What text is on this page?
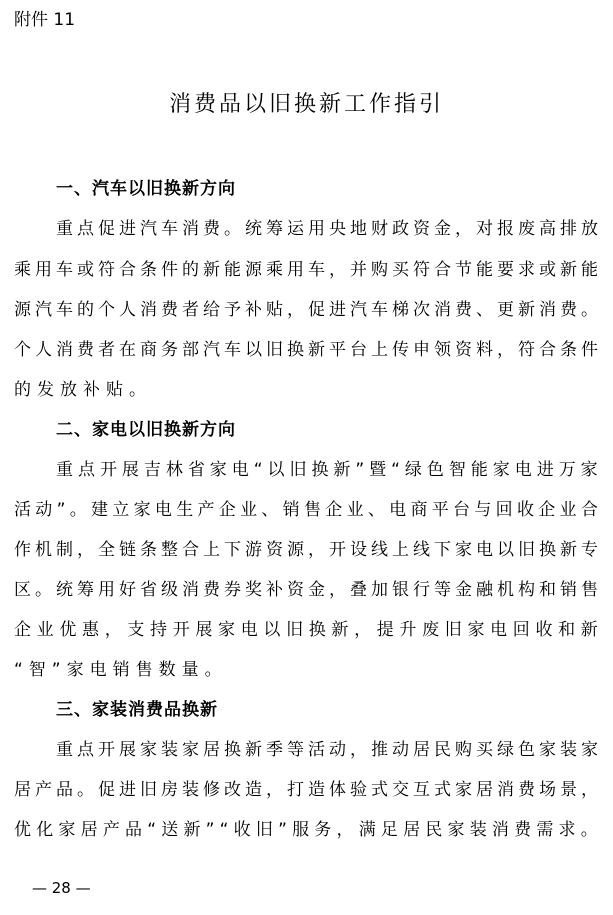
附件 11
消费品以旧换新工作指引
一、汽车以旧换新方向
重 点 促 进 汽 车 消 费 。 统 筹 运 用 央 地 财 政 资 金 ， 对 报 废 高 排 放
乘 用 车 或 符 合 条 件 的 新 能 源 乘 用 车 ， 并 购 买 符 合 节 能 要 求 或 新 能
源 汽 车 的 个 人 消 费 者 给 予 补 贴 ， 促 进 汽 车 梯 次 消 费 、 更 新 消 费 。
个 人 消 费 者 在 商 务 部 汽 车 以 旧 换 新 平 台 上 传 申 领 资 料 ， 符 合 条 件
的发放补贴。
二、家电以旧换新方向
重 点 开 展 吉 林 省 家 电 “ 以 旧 换 新 ” 暨 “ 绿 色 智 能 家 电 进 万 家
活 动 ” 。 建 立 家 电 生 产 企 业 、 销 售 企 业 、 电 商 平 台 与 回 收 企 业 合
作 机 制 ， 全 链 条 整 合 上 下 游 资 源 ， 开 设 线 上 线 下 家 电 以 旧 换 新 专
区 。 统 筹 用 好 省 级 消 费 券 奖 补 资 金 ， 叠 加 银 行 等 金 融 机 构 和 销 售
企 业 优 惠 ， 支 持 开 展 家 电 以 旧 换 新 ， 提 升 废 旧 家 电 回 收 和 新
“智”家电销售数量。
三、家装消费品换新
重 点 开 展 家 装 家 居 换 新 季 等 活 动 ， 推 动 居 民 购 买 绿 色 家 装 家
居 产 品 。 促 进 旧 房 装 修 改 造 ， 打 造 体 验 式 交 互 式 家 居 消 费 场 景 ，
优 化 家 居 产 品 “ 送 新 ” “ 收 旧 ” 服 务 ， 满 足 居 民 家 装 消 费 需 求 。
— 28 —
